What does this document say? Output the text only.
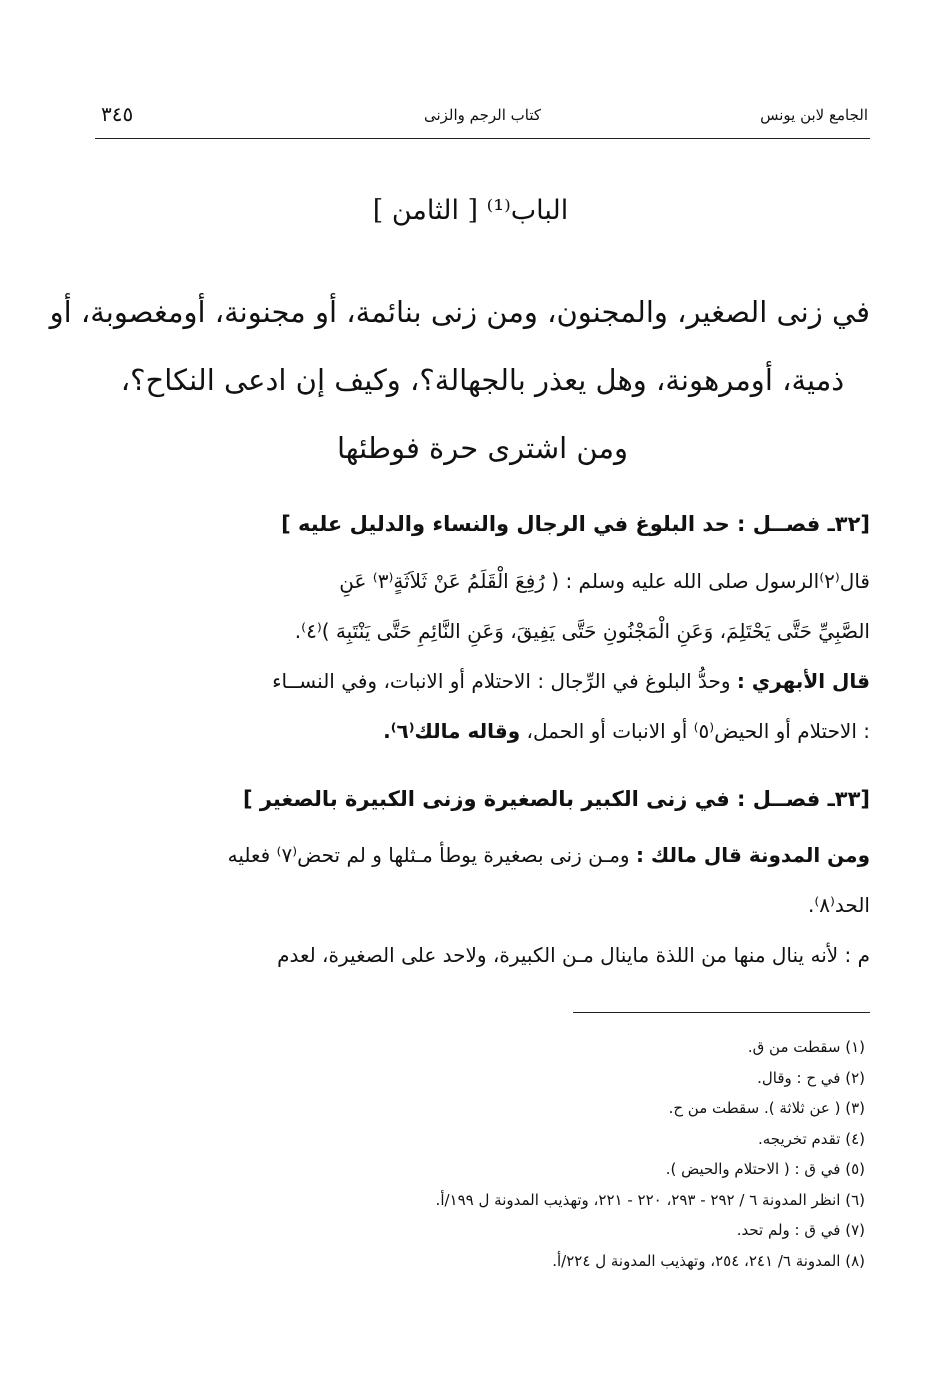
الجامع لابن يونس
كتاب الرجم والزنى
٣٤٥
الباب⁽¹⁾ [ الثامن ]
في زنى الصغير، والمجنون، ومن زنى بنائمة، أو مجنونة، أومغصوبة، أو
ذمية، أومرهونة، وهل يعذر بالجهالة؟، وكيف إن ادعى النكاح؟،
ومن اشترى حرة فوطئها
[٣٢ـ فصــل : حد البلوغ في الرجال والنساء والدليل عليه ]
قال⁽٢⁾الرسول صلى الله عليه وسلم : ( رُفِعَ الْقَلَمُ عَنْ ثَلاَثَةٍ⁽٣⁾ عَنِ
الصَّبِيِّ حَتَّى يَحْتَلِمَ، وَعَنِ الْمَجْنُونِ حَتَّى يَفِيقَ، وَعَنِ النَّائِمِ حَتَّى يَنْتَبِهَ )⁽٤⁾.
قال الأبهري : وحدُّ البلوغ في الرِّجال : الاحتلام أو الانبات، وفي النســاء
: الاحتلام أو الحيض⁽٥⁾ أو الانبات أو الحمل، وقاله مالك⁽٦⁾.
[٣٣ـ فصــل : في زنى الكبير بالصغيرة وزنى الكبيرة بالصغير ]
ومن المدونة قال مالك : ومـن زنى بصغيرة يوطأ مـثلها و لم تحض⁽٧⁾ فعليه
الحد⁽٨⁾.
م : لأنه ينال منها من اللذة ماينال مـن الكبيرة، ولاحد على الصغيرة، لعدم
(١) سقطت من ق.
(٢) في ح : وقال.
(٣) ( عن ثلاثة ). سقطت من ح.
(٤) تقدم تخريجه.
(٥) في ق : ( الاحتلام والحيض ).
(٦) انظر المدونة ٦ / ٢٩٢ - ٢٩٣، ٢٢٠ - ٢٢١، وتهذيب المدونة ل ١٩٩/أ.
(٧) في ق : ولم تحد.
(٨) المدونة ٦/ ٢٤١، ٢٥٤، وتهذيب المدونة ل ٢٢٤/أ.
